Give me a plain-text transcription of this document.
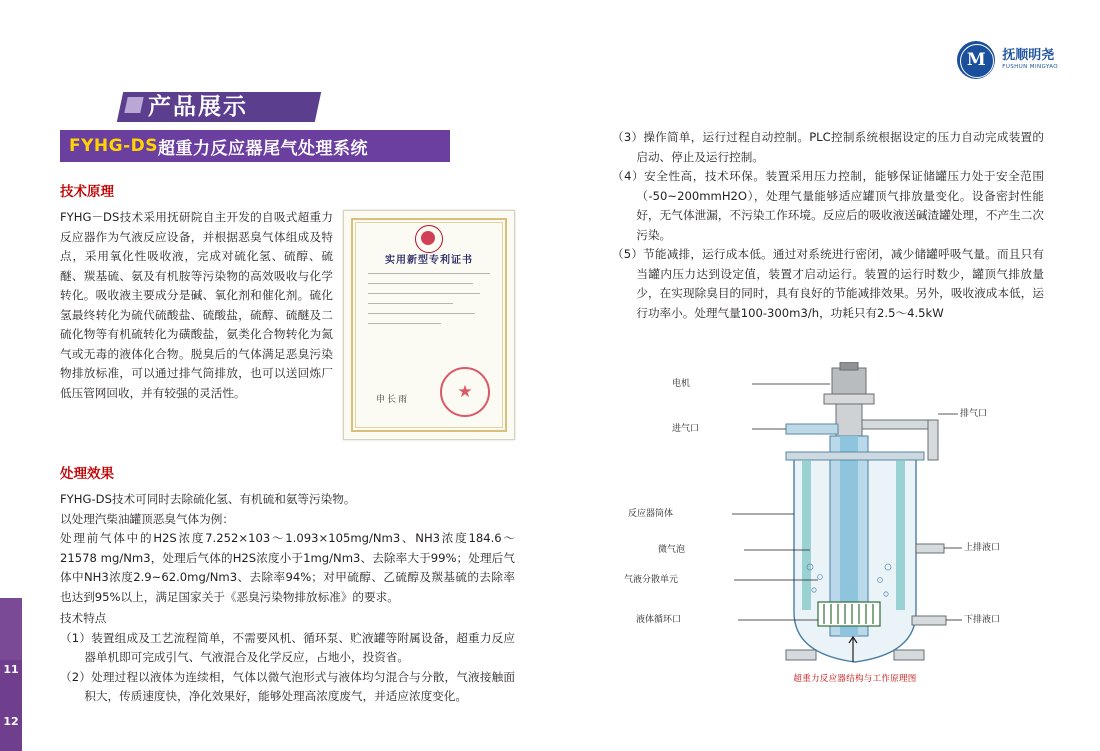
11
12
产品展示
M 抚顺明尧
FUSHUN MINGYAO
FYHG-DS 超重力反应器尾气处理系统
技术原理
实用新型专利证书
申长雨
★

FYHG－DS技术采用抚研院自主开发的自吸式超重力反应器作为气液反应设备，并根据恶臭气体组成及特点，采用氧化性吸收液，完成对硫化氢、硫醇、硫醚、羰基硫、氨及有机胺等污染物的高效吸收与化学转化。吸收液主要成分是碱、氧化剂和催化剂。硫化氢最终转化为硫代硫酸盐、硫酸盐，硫醇、硫醚及二硫化物等有机硫转化为磺酸盐，氨类化合物转化为氮气或无毒的液体化合物。脱臭后的气体满足恶臭污染物排放标准，可以通过排气筒排放，也可以送回炼厂低压管网回收，并有较强的灵活性。

处理效果

FYHG-DS技术可同时去除硫化氢、有机硫和氨等污染物。

以处理汽柴油罐顶恶臭气体为例：

处理前气体中的H2S浓度7.252×103～1.093×105mg/Nm3、NH3浓度184.6～21578 mg/Nm3，处理后气体的H2S浓度小于1mg/Nm3、去除率大于99%；处理后气体中NH3浓度2.9~62.0mg/Nm3、去除率94%；对甲硫醇、乙硫醇及羰基硫的去除率也达到95%以上，满足国家关于《恶臭污染物排放标准》的要求。

技术特点

（1）装置组成及工艺流程简单，不需要风机、循环泵、贮液罐等附属设备，超重力反应器单机即可完成引气、气液混合及化学反应，占地小，投资省。

（2）处理过程以液体为连续相，气体以微气泡形式与液体均匀混合与分散，气液接触面积大，传质速度快，净化效果好，能够处理高浓度废气，并适应浓度变化。

（3）操作简单，运行过程自动控制。PLC控制系统根据设定的压力自动完成装置的启动、停止及运行控制。

（4）安全性高，技术环保。装置采用压力控制，能够保证储罐压力处于安全范围（-50~200mmH2O），处理气量能够适应罐顶气排放量变化。设备密封性能好，无气体泄漏，不污染工作环境。反应后的吸收液送碱渣罐处理，不产生二次污染。

（5）节能减排，运行成本低。通过对系统进行密闭，减少储罐呼吸气量。而且只有当罐内压力达到设定值，装置才启动运行。装置的运行时数少，罐顶气排放量少，在实现除臭目的同时，具有良好的节能减排效果。另外，吸收液成本低，运行功率小。处理气量100-300m3/h，功耗只有2.5～4.5kW

电机
进气口
反应器筒体
微气泡
气液分散单元
液体循环口
排气口
上排液口
下排液口
超重力反应器结构与工作原理图
